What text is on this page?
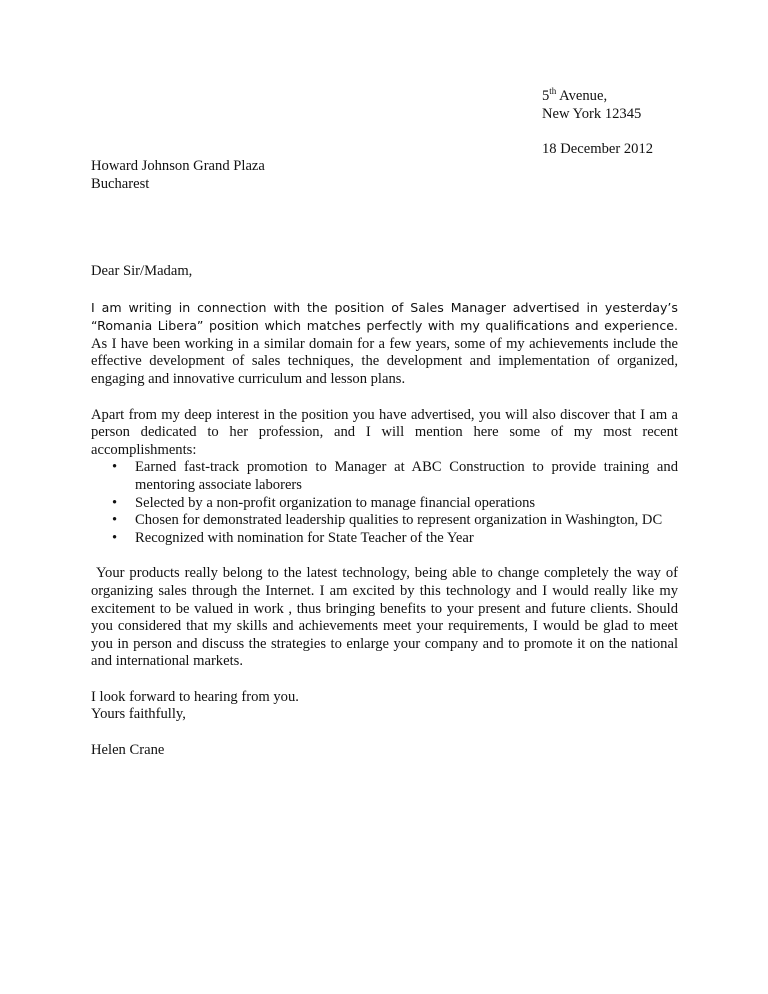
5th Avenue,

New York 12345

18 December 2012

Howard Johnson Grand Plaza

Bucharest

Dear Sir/Madam,

I am writing in connection with the position of Sales Manager advertised in yesterday’s “Romania Libera” position which matches perfectly with my qualifications and experience. As I have been working in a similar domain for a few years, some of my achievements include the effective development of sales techniques, the development and implementation of organized, engaging and innovative curriculum and lesson plans.

Apart from my deep interest in the position you have advertised, you will also discover that I am a person dedicated to her profession, and I will mention here some of my most recent accomplishments:

• Earned fast-track promotion to Manager at ABC Construction to provide training and mentoring associate laborers
• Selected by a non-profit organization to manage financial operations
• Chosen for demonstrated leadership qualities to represent organization in Washington, DC
• Recognized with nomination for State Teacher of the Year

Your products really belong to the latest technology, being able to change completely the way of organizing sales through the Internet. I am excited by this technology and I would really like my excitement to be valued in work , thus bringing benefits to your present and future clients. Should you considered that my skills and achievements meet your requirements, I would be glad to meet you in person and discuss the strategies to enlarge your company and to promote it on the national and international markets.

I look forward to hearing from you.

Yours faithfully,

Helen Crane
